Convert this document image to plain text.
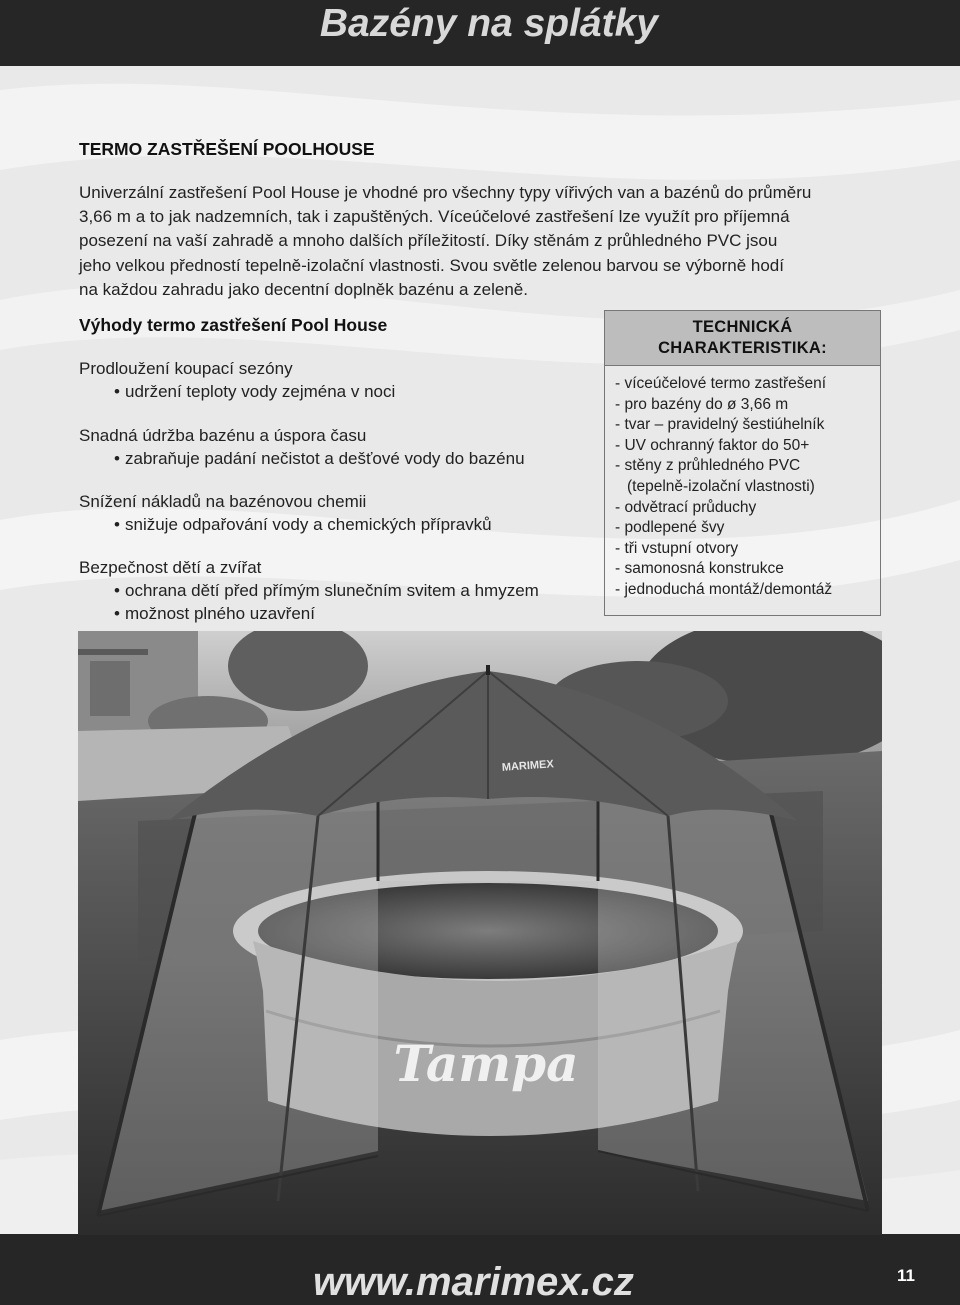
Bazény na splátky
TERMO ZASTŘEŠENÍ POOLHOUSE
Univerzální zastřešení Pool House je vhodné pro všechny typy vířivých van a bazénů do průměru
3,66 m a to jak nadzemních, tak i zapuštěných. Víceúčelové zastřešení lze využít pro příjemná
posezení na vaší zahradě a mnoho dalších příležitostí. Díky stěnám z průhledného PVC jsou
jeho velkou předností tepelně-izolační vlastnosti. Svou světle zelenou barvou se výborně hodí
na každou zahradu jako decentní doplněk bazénu a zeleně.
Výhody termo zastřešení Pool House
Prodloužení koupací sezóny
• udržení teploty vody zejména v noci
Snadná údržba bazénu a úspora času
• zabraňuje padání nečistot a dešťové vody do bazénu
Snížení nákladů na bazénovou chemii
• snižuje odpařování vody a chemických přípravků
Bezpečnost dětí a zvířat
• ochrana dětí před přímým slunečním svitem a hmyzem
• možnost plného uzavření
TECHNICKÁ
CHARAKTERISTIKA:
- víceúčelové termo zastřešení
- pro bazény do ø 3,66 m
- tvar – pravidelný šestiúhelník
- UV ochranný faktor do 50+
- stěny z průhledného PVC
(tepelně-izolační vlastnosti)
- odvětrací průduchy
- podlepené švy
- tři vstupní otvory
- samonosná konstrukce
- jednoduchá montáž/demontáž
Tampa
MARIMEX
www.marimex.cz	11
